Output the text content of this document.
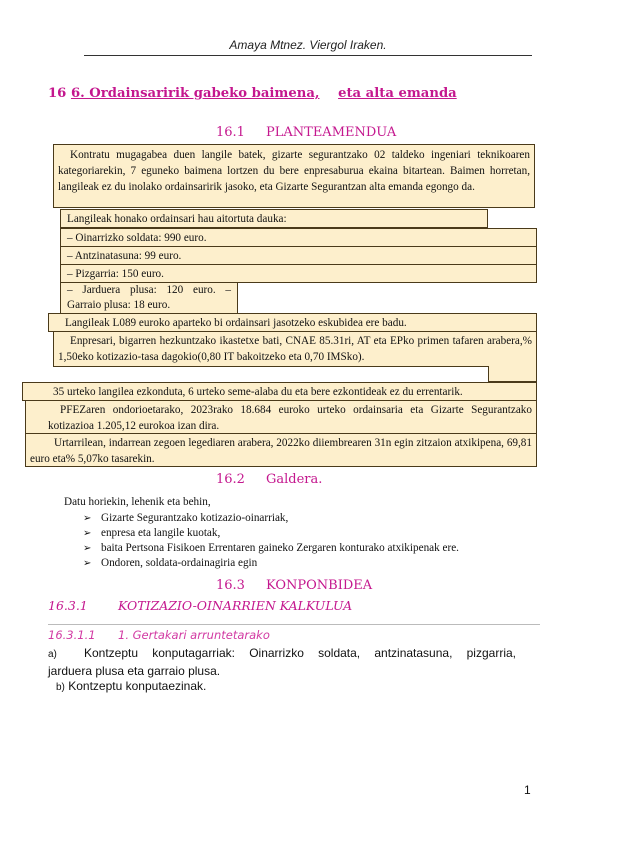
Amaya Mtnez. Viergol Iraken.
16 6. Ordainsaririk gabeko baimena, eta alta emanda
16.1 PLANTEAMENDUA
Kontratu mugagabea duen langile batek, gizarte segurantzako 02 taldeko ingeniari teknikoaren kategoriarekin, 7 eguneko baimena lortzen du bere enpresaburua ekaina bitartean. Baimen horretan, langileak ez du inolako ordainsaririk jasoko, eta Gizarte Segurantzan alta emanda egongo da.
Langileak honako ordainsari hau aitortuta dauka:
– Oinarrizko soldata: 990 euro.
– Antzinatasuna: 99 euro.
– Pizgarria: 150 euro.
– Jarduera plusa: 120 euro. –
Garraio plusa: 18 euro.
Langileak L089 euroko aparteko bi ordainsari jasotzeko eskubidea ere badu.
Enpresari, bigarren hezkuntzako ikastetxe bati, CNAE 85.31ri, AT eta EPko primen tafaren arabera,% 1,50eko kotizazio-tasa dagokio(0,80 IT bakoitzeko eta 0,70 IMSko).
35 urteko langilea ezkonduta, 6 urteko seme-alaba du eta bere ezkontideak ez du errentarik.
PFEZaren ondorioetarako, 2023rako 18.684 euroko urteko ordainsaria eta Gizarte Segurantzako kotizazioa 1.205,12 eurokoa izan dira.
Urtarrilean, indarrean zegoen legediaren arabera, 2022ko diiembrearen 31n egin zitzaion atxikipena, 69,81 euro eta% 5,07ko tasarekin.
16.2 Galdera.
Datu horiekin, lehenik eta behin,
➢ Gizarte Segurantzako kotizazio-oinarriak,
➢ enpresa eta langile kuotak,
➢ baita Pertsona Fisikoen Errentaren gaineko Zergaren konturako atxikipenak ere.
➢ Ondoren, soldata-ordainagiria egin
16.3 KONPONBIDEA
16.3.1 KOTIZAZIO-OINARRIEN KALKULUA
16.3.1.1 1. Gertakari arruntetarako
a) Kontzeptu konputagarriak: Oinarrizko soldata, antzinatasuna, pizgarria,
jarduera plusa eta garraio plusa.
b) Kontzeptu konputaezinak.
1
